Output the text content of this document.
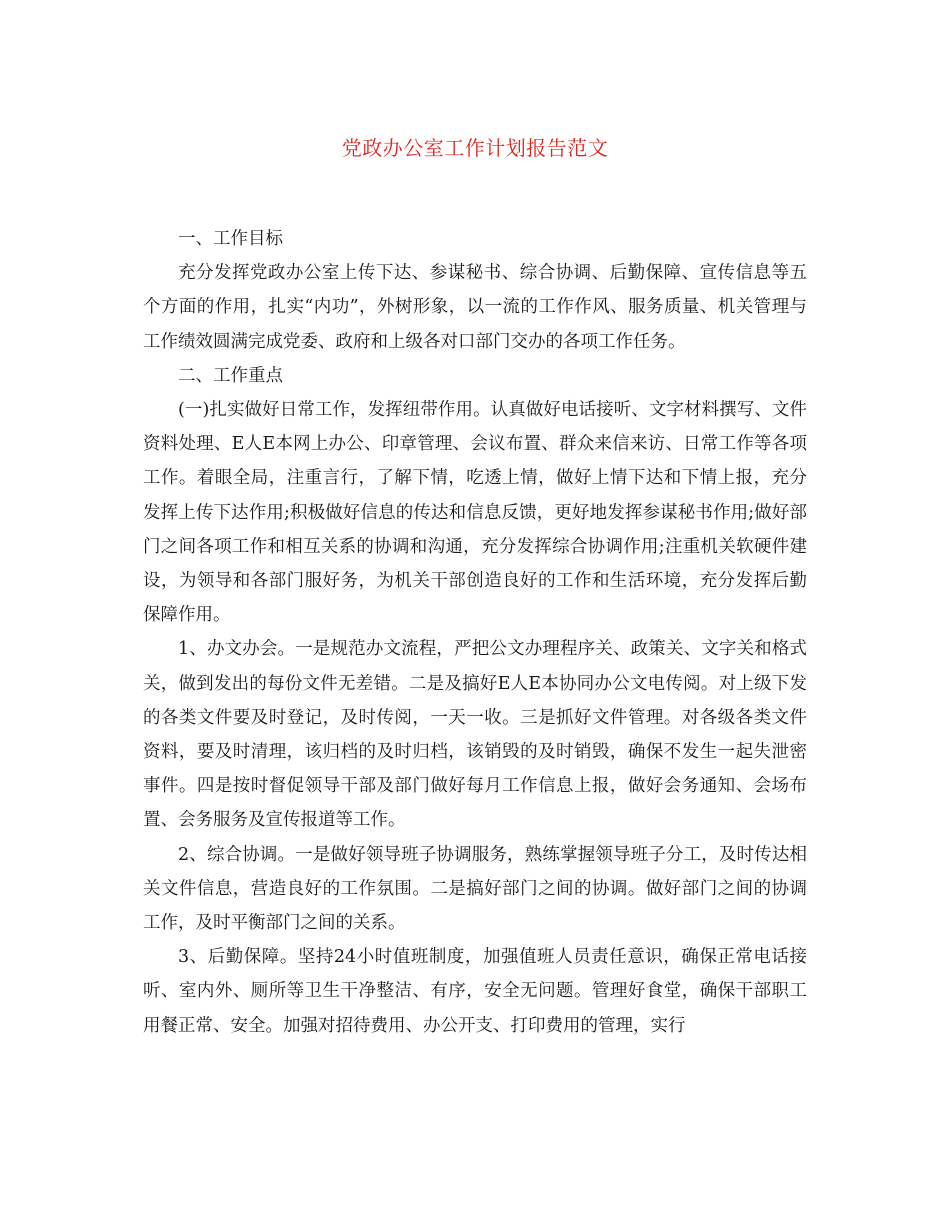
党政办公室工作计划报告范文

一、工作目标

充分发挥党政办公室上传下达、参谋秘书、综合协调、后勤保障、宣传信息等五个方面的作用，扎实“内功”，外树形象，以一流的工作作风、服务质量、机关管理与工作绩效圆满完成党委、政府和上级各对口部门交办的各项工作任务。

二、工作重点

(一)扎实做好日常工作，发挥纽带作用。认真做好电话接听、文字材料撰写、文件资料处理、E人E本网上办公、印章管理、会议布置、群众来信来访、日常工作等各项工作。着眼全局，注重言行，了解下情，吃透上情，做好上情下达和下情上报，充分发挥上传下达作用;积极做好信息的传达和信息反馈，更好地发挥参谋秘书作用;做好部门之间各项工作和相互关系的协调和沟通，充分发挥综合协调作用;注重机关软硬件建设，为领导和各部门服好务，为机关干部创造良好的工作和生活环境，充分发挥后勤保障作用。

1、办文办会。一是规范办文流程，严把公文办理程序关、政策关、文字关和格式关，做到发出的每份文件无差错。二是及搞好E人E本协同办公文电传阅。对上级下发的各类文件要及时登记，及时传阅，一天一收。三是抓好文件管理。对各级各类文件资料，要及时清理，该归档的及时归档，该销毁的及时销毁，确保不发生一起失泄密事件。四是按时督促领导干部及部门做好每月工作信息上报，做好会务通知、会场布置、会务服务及宣传报道等工作。

2、综合协调。一是做好领导班子协调服务，熟练掌握领导班子分工，及时传达相关文件信息，营造良好的工作氛围。二是搞好部门之间的协调。做好部门之间的协调工作，及时平衡部门之间的关系。

3、后勤保障。坚持24小时值班制度，加强值班人员责任意识，确保正常电话接听、室内外、厕所等卫生干净整洁、有序，安全无问题。管理好食堂，确保干部职工用餐正常、安全。加强对招待费用、办公开支、打印费用的管理，实行
